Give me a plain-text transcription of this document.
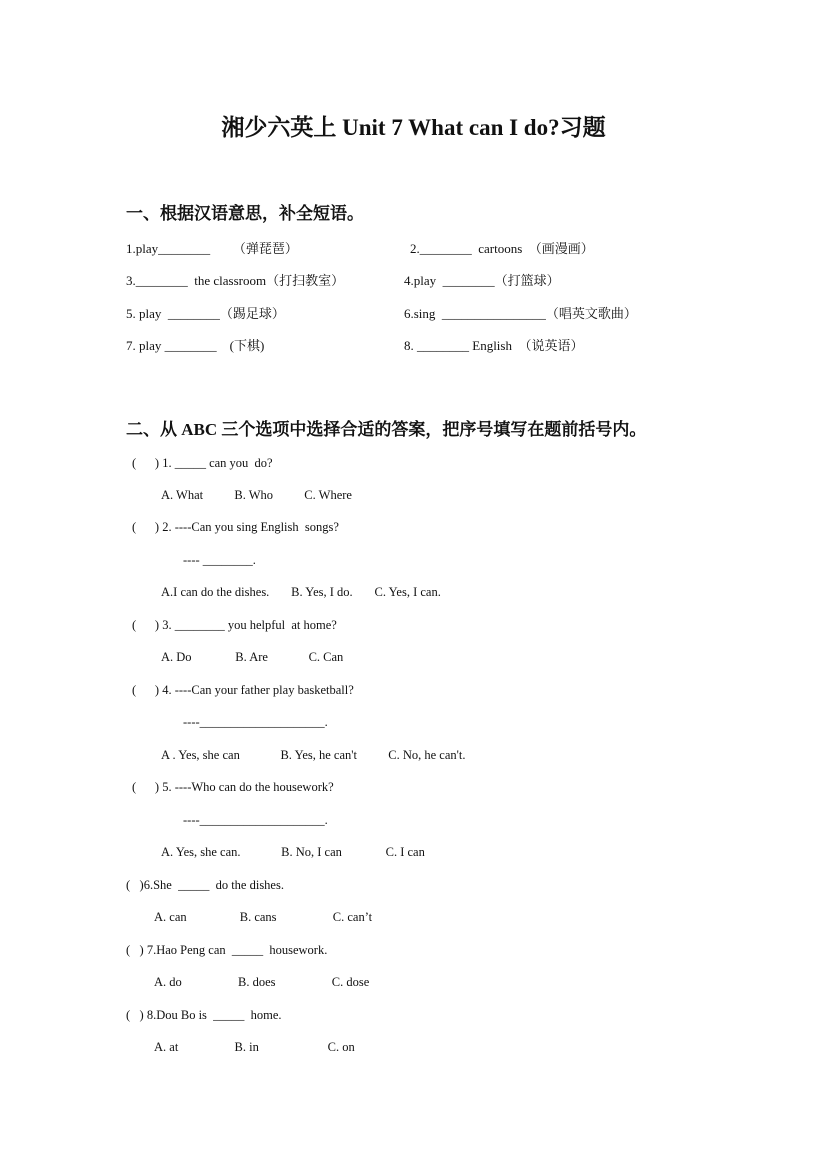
湘少六英上 Unit 7 What can I do?习题
一、根据汉语意思，补全短语。
1.play________       （弹琵琶）	2.________  cartoons  （画漫画）
3.________  the classroom（打扫教室）	4.play  ________（打篮球）
5. play  ________（踢足球）	6.sing  ________________（唱英文歌曲）
7. play ________    (下棋)	8. ________ English  （说英语）
二、从 ABC 三个选项中选择合适的答案，把序号填写在题前括号内。
(      ) 1. _____ can you  do?
A. What          B. Who          C. Where
(      ) 2. ----Can you sing English  songs?
---- ________.
A.I can do the dishes.       B. Yes, I do.       C. Yes, I can.
(      ) 3. ________ you helpful  at home?
A. Do              B. Are             C. Can
(      ) 4. ----Can your father play basketball?
----____________________.
A . Yes, she can             B. Yes, he can't          C. No, he can't.
(      ) 5. ----Who can do the housework?
----____________________.
A. Yes, she can.             B. No, I can              C. I can
(   )6.She  _____  do the dishes.
A. can                 B. cans                  C. can’t
(   ) 7.Hao Peng can  _____  housework.
A. do                  B. does                  C. dose
(   ) 8.Dou Bo is  _____  home.
A. at                  B. in                      C. on
